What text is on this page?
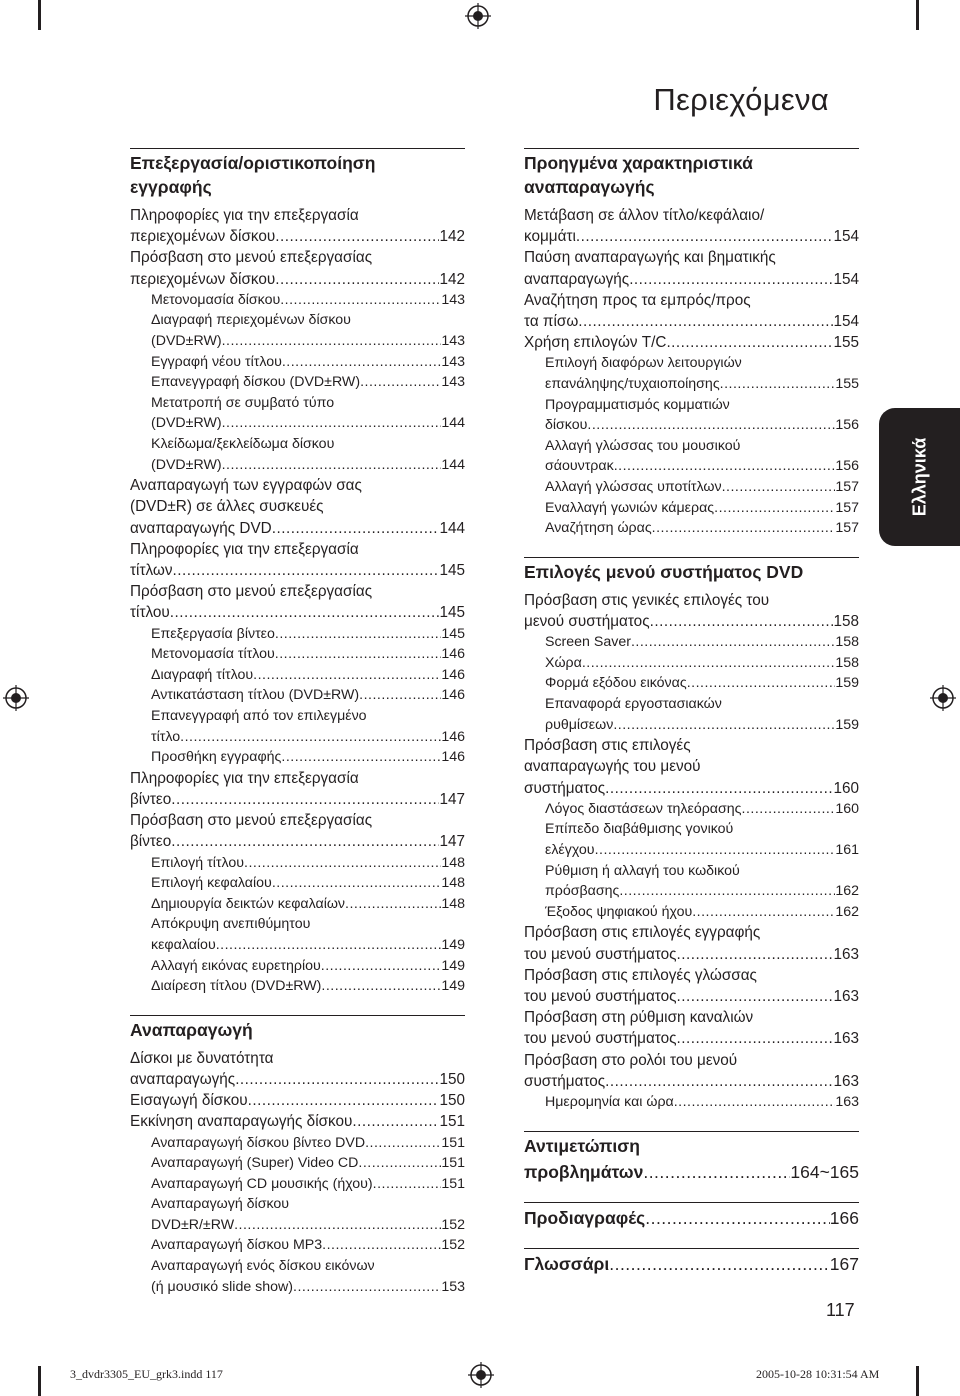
Περιεχόμενα
Ελληνικά
Επεξεργασία/οριστικοποίηση
εγγραφής
Πληροφορίες για την επεξεργασία
περιεχομένων δίσκου .....	142
Πρόσβαση στο μενού επεξεργασίας
περιεχομένων δίσκου .....	142
Μετονομασία δίσκου .....	143
Διαγραφή περιεχομένων δίσκου
(DVD±RW) .....	143
Εγγραφή νέου τίτλου .....	143
Επανεγγραφή δίσκου (DVD±RW) .....	143
Μετατροπή σε συμβατό τύπο
(DVD±RW) .....	144
Κλείδωμα/ξεκλείδωμα δίσκου
(DVD±RW) .....	144
Αναπαραγωγή των εγγραφών σας
(DVD±R) σε άλλες συσκευές
αναπαραγωγής DVD .....	144
Πληροφορίες για την επεξεργασία
τίτλων .....	145
Πρόσβαση στο μενού επεξεργασίας
τίτλου .....	145
Επεξεργασία βίντεο .....	145
Μετονομασία τίτλου .....	146
Διαγραφή τίτλου .....	146
Αντικατάσταση τίτλου (DVD±RW) .....	146
Επανεγγραφή από τον επιλεγμένο
τίτλο .....	146
Προσθήκη εγγραφής .....	146
Πληροφορίες για την επεξεργασία
βίντεο .....	147
Πρόσβαση στο μενού επεξεργασίας
βίντεο .....	147
Επιλογή τίτλου .....	148
Επιλογή κεφαλαίου .....	148
Δημιουργία δεικτών κεφαλαίων .....	148
Απόκρυψη ανεπιθύμητου
κεφαλαίου .....	149
Αλλαγή εικόνας ευρετηρίου .....	149
Διαίρεση τίτλου (DVD±RW) .....	149
Αναπαραγωγή
Δίσκοι με δυνατότητα
αναπαραγωγής .....	150
Εισαγωγή δίσκου .....	150
Εκκίνηση αναπαραγωγής δίσκου .....	151
Αναπαραγωγή δίσκου βίντεο DVD .....	151
Αναπαραγωγή (Super) Video CD .....	151
Αναπαραγωγή CD μουσικής (ήχου) .....	151
Αναπαραγωγή δίσκου
DVD±R/±RW .....	152
Αναπαραγωγή δίσκου MP3 .....	152
Αναπαραγωγή ενός δίσκου εικόνων
(ή μουσικό slide show) .....	153
Προηγμένα χαρακτηριστικά
αναπαραγωγής
Μετάβαση σε άλλον τίτλο/κεφάλαιο/
κομμάτι .....	154
Παύση αναπαραγωγής και βηματικής
αναπαραγωγής .....	154
Αναζήτηση προς τα εμπρός/προς
τα πίσω .....	154
Χρήση επιλογών T/C .....	155
Επιλογή διαφόρων λειτουργιών
επανάληψης/τυχαιοποίησης .....	155
Προγραμματισμός κομματιών
δίσκου .....	156
Αλλαγή γλώσσας του μουσικού
σάουντρακ .....	156
Αλλαγή γλώσσας υποτίτλων .....	157
Εναλλαγή γωνιών κάμερας .....	157
Αναζήτηση ώρας .....	157
Επιλογές μενού συστήματος DVD
Πρόσβαση στις γενικές επιλογές του
μενού συστήματος .....	158
Screen Saver .....	158
Χώρα .....	158
Φορμά εξόδου εικόνας .....	159
Επαναφορά εργοστασιακών
ρυθμίσεων .....	159
Πρόσβαση στις επιλογές
αναπαραγωγής του μενού
συστήματος .....	160
Λόγος διαστάσεων τηλεόρασης .....	160
Επίπεδο διαβάθμισης γονικού
ελέγχου .....	161
Ρύθμιση ή αλλαγή του κωδικού
πρόσβασης .....	162
Έξοδος ψηφιακού ήχου .....	162
Πρόσβαση στις επιλογές εγγραφής
του μενού συστήματος .....	163
Πρόσβαση στις επιλογές γλώσσας
του μενού συστήματος .....	163
Πρόσβαση στη ρύθμιση καναλιών
του μενού συστήματος .....	163
Πρόσβαση στο ρολόι του μενού
συστήματος .....	163
Ημερομηνία και ώρα .....	163
Αντιμετώπιση
προβλημάτων .....	164~165
Προδιαγραφές .....	166
Γλωσσάρι .....	167
117
3_dvdr3305_EU_grk3.indd 117	2005-10-28 10:31:54 AM
